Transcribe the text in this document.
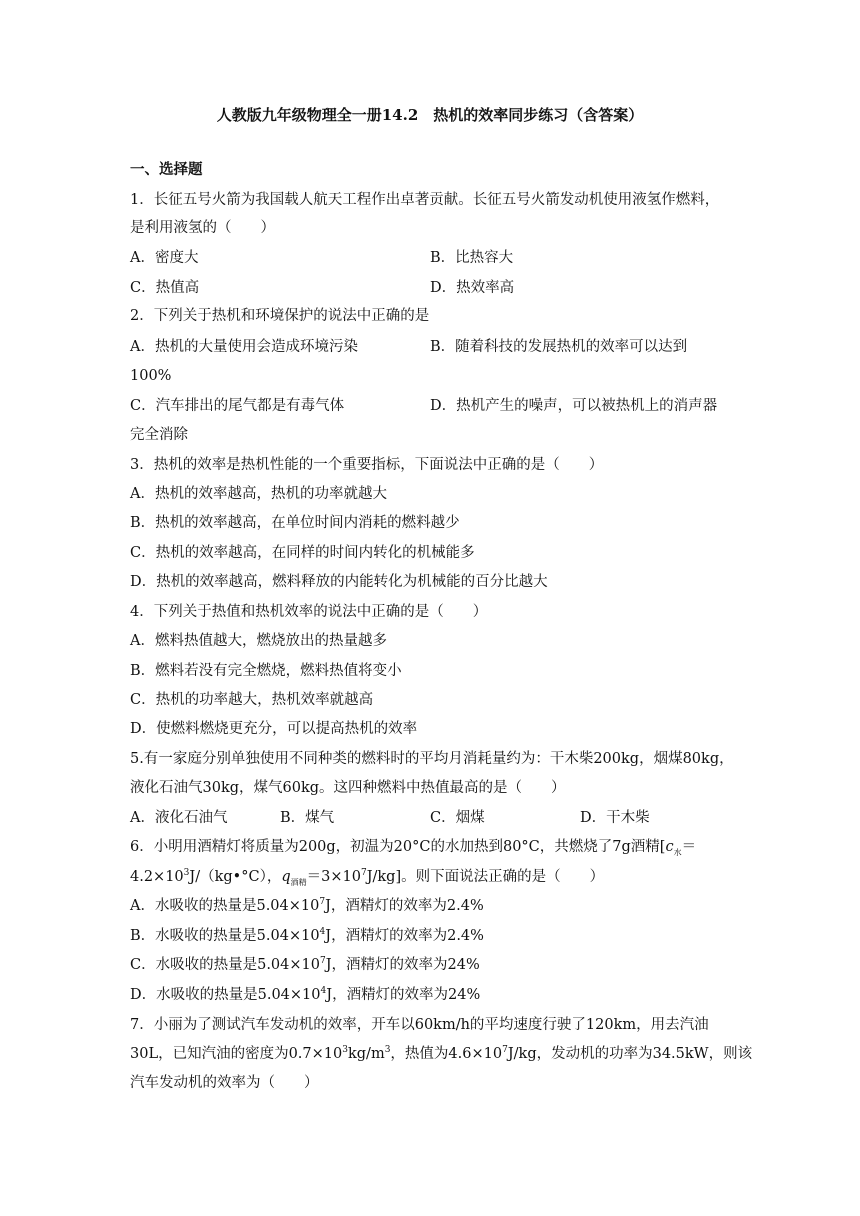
人教版九年级物理全一册14.2　热机的效率同步练习（含答案）
一、选择题
1．长征五号火箭为我国载人航天工程作出卓著贡献。长征五号火箭发动机使用液氢作燃料，
是利用液氢的（　　）
A．密度大	B．比热容大
C．热值高	D．热效率高
2．下列关于热机和环境保护的说法中正确的是
A．热机的大量使用会造成环境污染	B．随着科技的发展热机的效率可以达到
100%
C．汽车排出的尾气都是有毒气体	D．热机产生的噪声，可以被热机上的消声器
完全消除
3．热机的效率是热机性能的一个重要指标，下面说法中正确的是（　　）
A．热机的效率越高，热机的功率就越大
B．热机的效率越高，在单位时间内消耗的燃料越少
C．热机的效率越高，在同样的时间内转化的机械能多
D．热机的效率越高，燃料释放的内能转化为机械能的百分比越大
4．下列关于热值和热机效率的说法中正确的是（　　）
A．燃料热值越大，燃烧放出的热量越多
B．燃料若没有完全燃烧，燃料热值将变小
C．热机的功率越大，热机效率就越高
D．使燃料燃烧更充分，可以提高热机的效率
5.有一家庭分别单独使用不同种类的燃料时的平均月消耗量约为：干木柴200kg，烟煤80kg，
液化石油气30kg，煤气60kg。这四种燃料中热值最高的是（　　）
A．液化石油气	B．煤气	C．烟煤	D．干木柴
6．小明用酒精灯将质量为200g，初温为20°C的水加热到80°C，共燃烧了7g酒精[$c_水=$
$4.2\times 10^3J/(kg•^\circ C)$，$q_{酒精}=3\times 10^7J/kg$]。则下面说法正确的是（　　）
A．水吸收的热量是$5.04\times 10^7J$，酒精灯的效率为2.4%
B．水吸收的热量是$5.04\times 10^4J$，酒精灯的效率为2.4%
C．水吸收的热量是$5.04\times 10^7J$，酒精灯的效率为24%
D．水吸收的热量是$5.04\times 10^4J$，酒精灯的效率为24%
7．小丽为了测试汽车发动机的效率，开车以60km/h的平均速度行驶了120km，用去汽油
30L，已知汽油的密度为$0.7\times 10^3kg/m^3$，热值为$4.6\times 10^7J/kg$，发动机的功率为34.5kW，则该
汽车发动机的效率为（　　）
